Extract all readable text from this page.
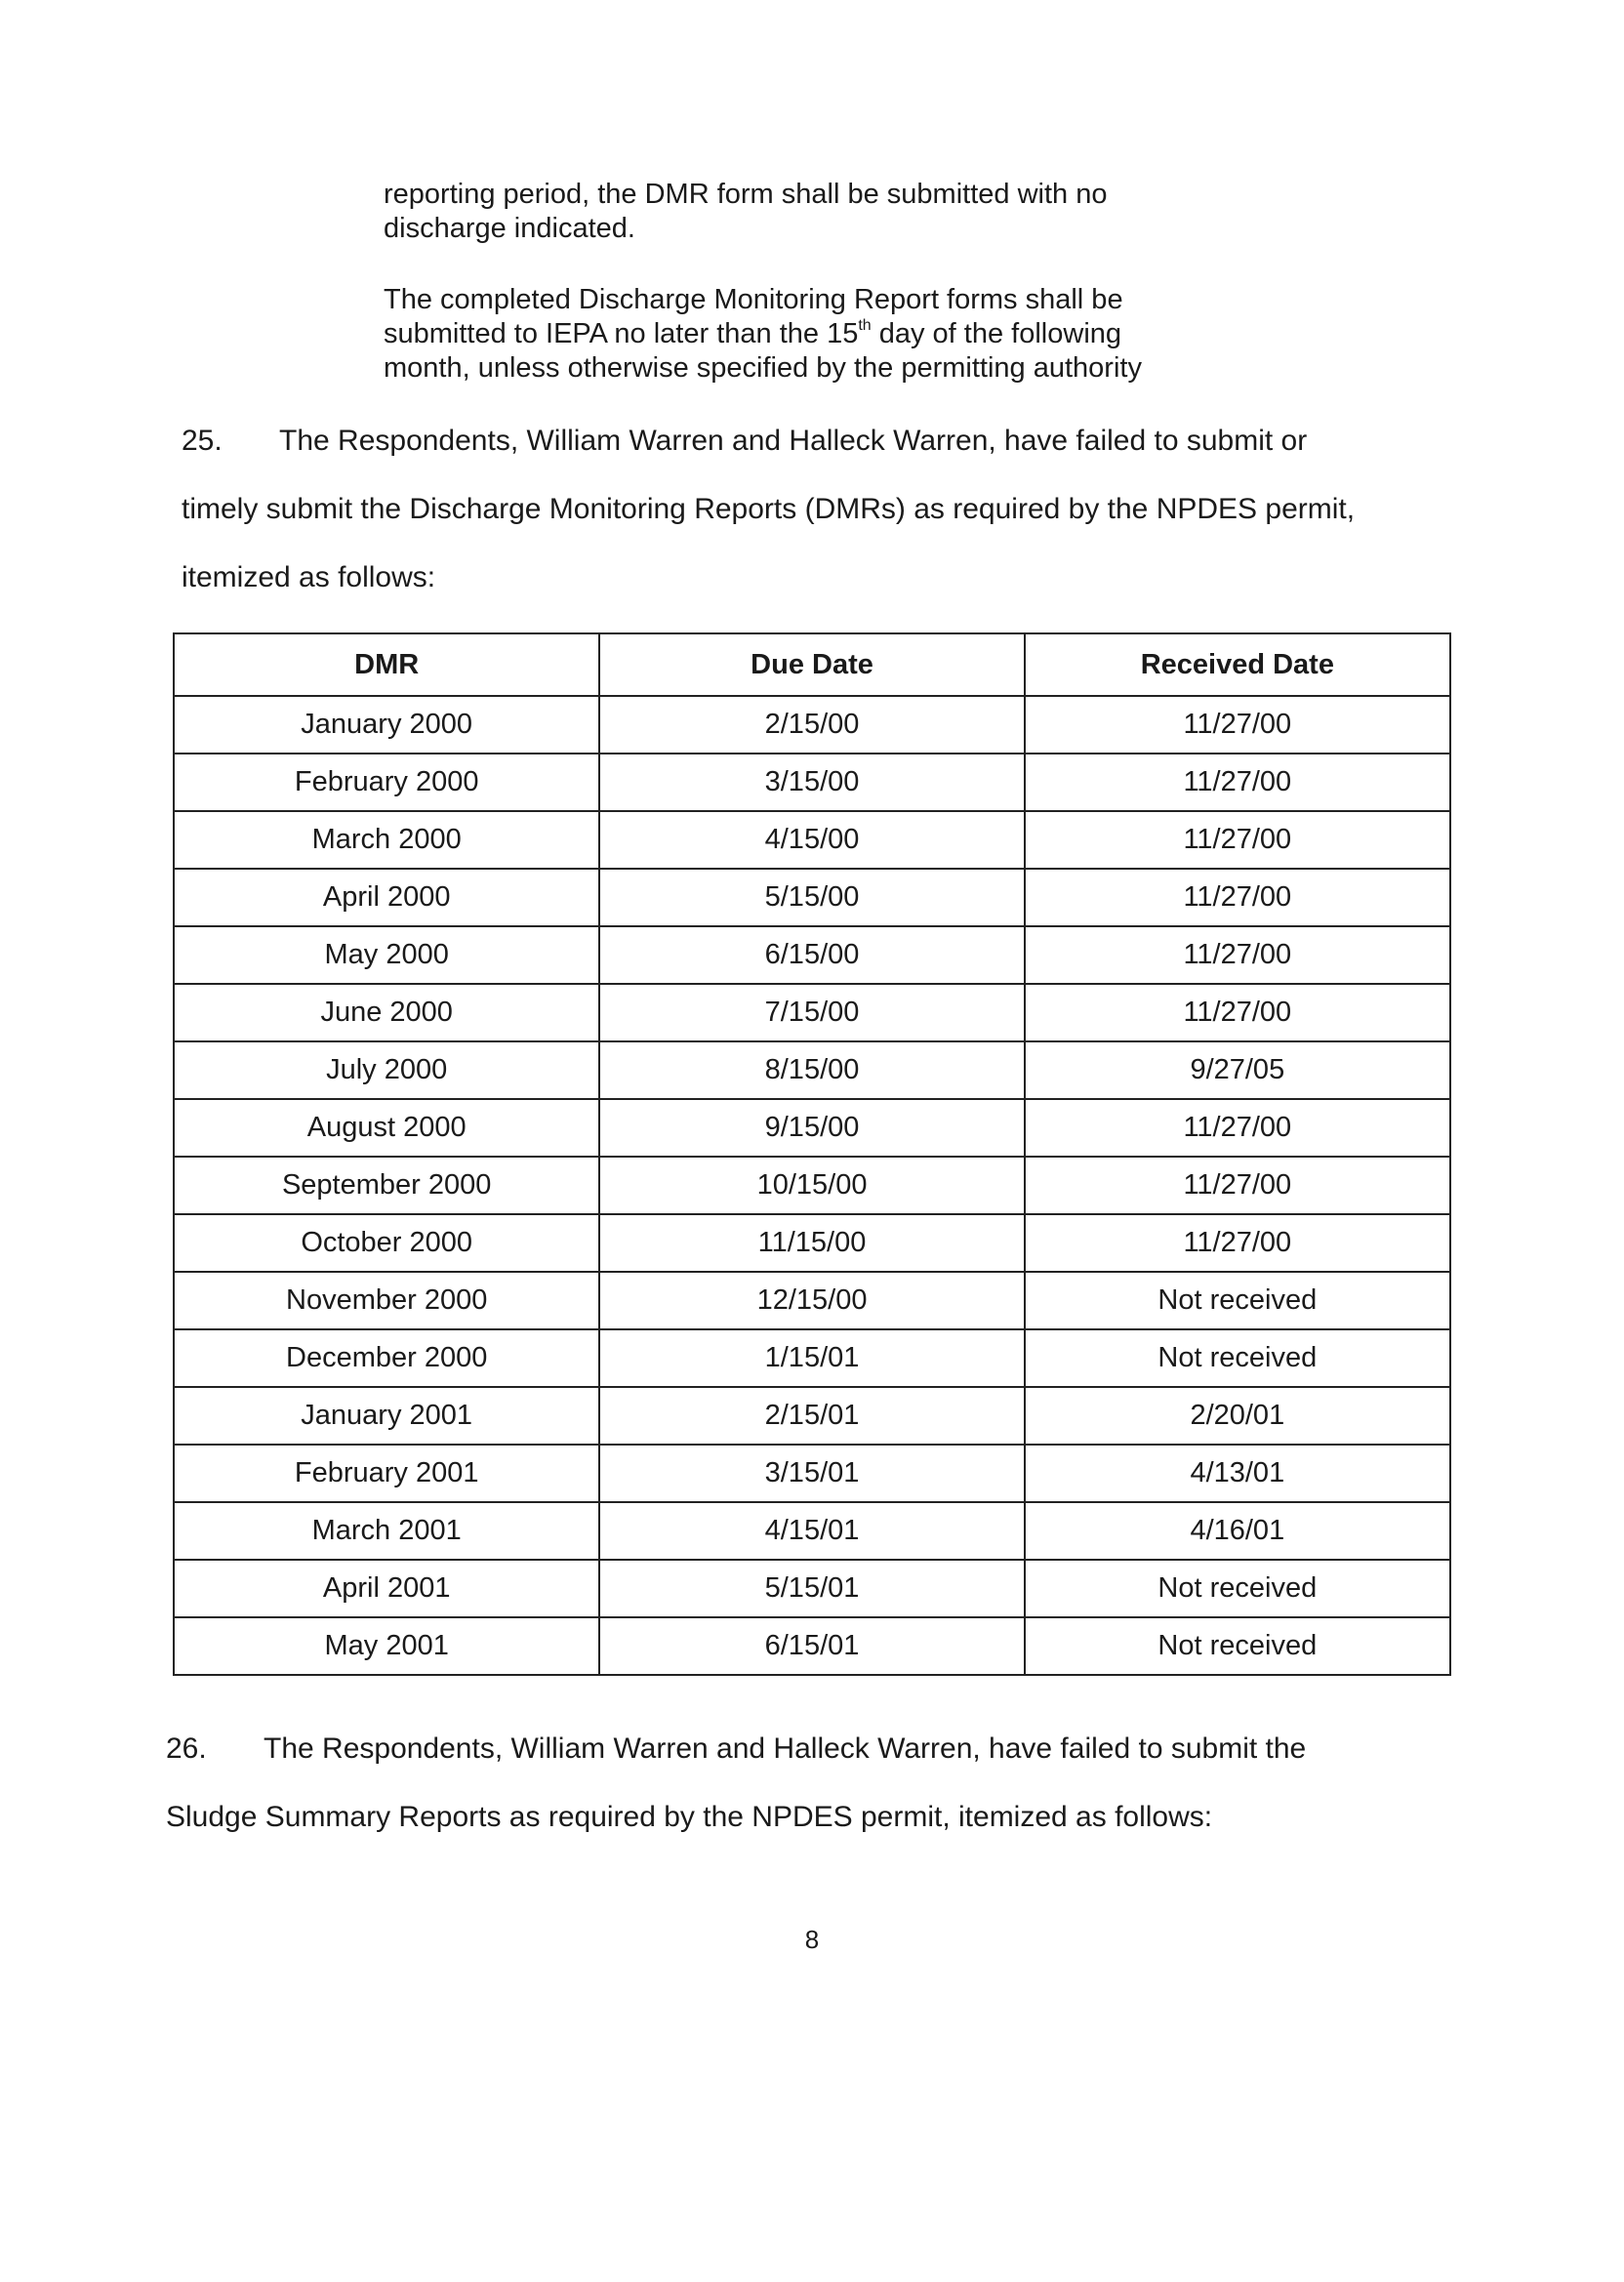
reporting period, the DMR form shall be submitted with no

discharge indicated.

The completed Discharge Monitoring Report forms shall be

submitted to IEPA no later than the 15th day of the following

month, unless otherwise specified by the permitting authority

25. The Respondents, William Warren and Halleck Warren, have failed to submit or
timely submit the Discharge Monitoring Reports (DMRs) as required by the NPDES permit,
itemized as follows:
DMR	Due Date	Received Date
January 2000	2/15/00	11/27/00
February 2000	3/15/00	11/27/00
March 2000	4/15/00	11/27/00
April 2000	5/15/00	11/27/00
May 2000	6/15/00	11/27/00
June 2000	7/15/00	11/27/00
July 2000	8/15/00	9/27/05
August 2000	9/15/00	11/27/00
September 2000	10/15/00	11/27/00
October 2000	11/15/00	11/27/00
November 2000	12/15/00	Not received
December 2000	1/15/01	Not received
January 2001	2/15/01	2/20/01
February 2001	3/15/01	4/13/01
March 2001	4/15/01	4/16/01
April 2001	5/15/01	Not received
May 2001	6/15/01	Not received
26. The Respondents, William Warren and Halleck Warren, have failed to submit the
Sludge Summary Reports as required by the NPDES permit, itemized as follows:
8
